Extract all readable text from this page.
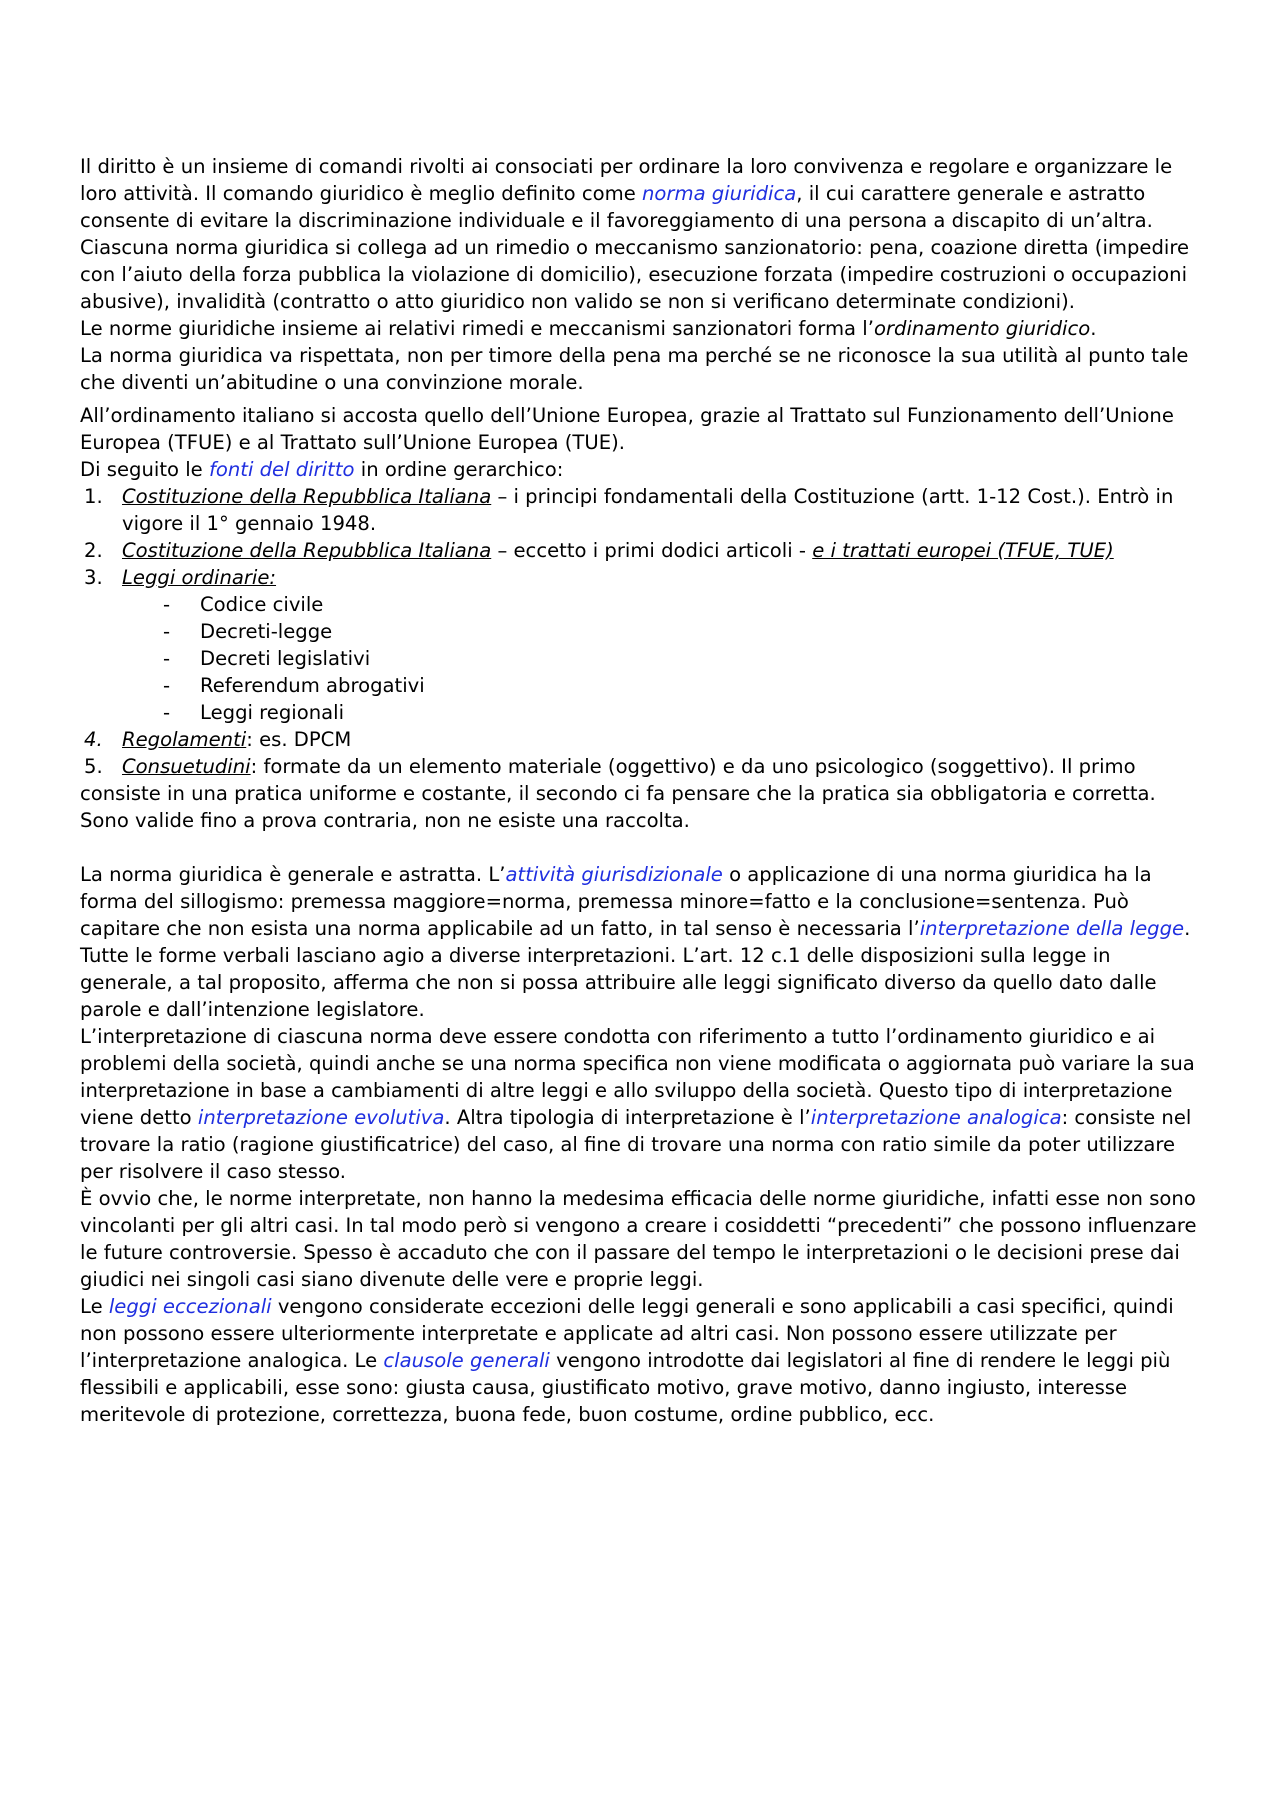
Il diritto è un insieme di comandi rivolti ai consociati per ordinare la loro convivenza e regolare e organizzare le loro attività. Il comando giuridico è meglio definito come norma giuridica, il cui carattere generale e astratto consente di evitare la discriminazione individuale e il favoreggiamento di una persona a discapito di un’altra.

Ciascuna norma giuridica si collega ad un rimedio o meccanismo sanzionatorio: pena, coazione diretta (impedire con l’aiuto della forza pubblica la violazione di domicilio), esecuzione forzata (impedire costruzioni o occupazioni abusive), invalidità (contratto o atto giuridico non valido se non si verificano determinate condizioni).

Le norme giuridiche insieme ai relativi rimedi e meccanismi sanzionatori forma l’ordinamento giuridico.

La norma giuridica va rispettata, non per timore della pena ma perché se ne riconosce la sua utilità al punto tale che diventi un’abitudine o una convinzione morale.

All’ordinamento italiano si accosta quello dell’Unione Europea, grazie al Trattato sul Funzionamento dell’Unione Europea (TFUE) e al Trattato sull’Unione Europea (TUE).

Di seguito le fonti del diritto in ordine gerarchico:

1. Costituzione della Repubblica Italiana – i principi fondamentali della Costituzione (artt. 1-12 Cost.). Entrò in vigore il 1° gennaio 1948.
2. Costituzione della Repubblica Italiana – eccetto i primi dodici articoli - e i trattati europei (TFUE, TUE)
3. Leggi ordinarie:
- Codice civile
- Decreti-legge
- Decreti legislativi
- Referendum abrogativi
- Leggi regionali
4. Regolamenti: es. DPCM
5. Consuetudini: formate da un elemento materiale (oggettivo) e da uno psicologico (soggettivo). Il primo consiste in una pratica uniforme e costante, il secondo ci fa pensare che la pratica sia obbligatoria e corretta. Sono valide fino a prova contraria, non ne esiste una raccolta.

La norma giuridica è generale e astratta. L’attività giurisdizionale o applicazione di una norma giuridica ha la forma del sillogismo: premessa maggiore=norma, premessa minore=fatto e la conclusione=sentenza. Può capitare che non esista una norma applicabile ad un fatto, in tal senso è necessaria l’interpretazione della legge. Tutte le forme verbali lasciano agio a diverse interpretazioni. L’art. 12 c.1 delle disposizioni sulla legge in generale, a tal proposito, afferma che non si possa attribuire alle leggi significato diverso da quello dato dalle parole e dall’intenzione legislatore.

L’interpretazione di ciascuna norma deve essere condotta con riferimento a tutto l’ordinamento giuridico e ai problemi della società, quindi anche se una norma specifica non viene modificata o aggiornata può variare la sua interpretazione in base a cambiamenti di altre leggi e allo sviluppo della società. Questo tipo di interpretazione viene detto interpretazione evolutiva. Altra tipologia di interpretazione è l’interpretazione analogica: consiste nel trovare la ratio (ragione giustificatrice) del caso, al fine di trovare una norma con ratio simile da poter utilizzare per risolvere il caso stesso.

È ovvio che, le norme interpretate, non hanno la medesima efficacia delle norme giuridiche, infatti esse non sono vincolanti per gli altri casi. In tal modo però si vengono a creare i cosiddetti “precedenti” che possono influenzare le future controversie. Spesso è accaduto che con il passare del tempo le interpretazioni o le decisioni prese dai giudici nei singoli casi siano divenute delle vere e proprie leggi.

Le leggi eccezionali vengono considerate eccezioni delle leggi generali e sono applicabili a casi specifici, quindi non possono essere ulteriormente interpretate e applicate ad altri casi. Non possono essere utilizzate per l’interpretazione analogica. Le clausole generali vengono introdotte dai legislatori al fine di rendere le leggi più flessibili e applicabili, esse sono: giusta causa, giustificato motivo, grave motivo, danno ingiusto, interesse meritevole di protezione, correttezza, buona fede, buon costume, ordine pubblico, ecc.
